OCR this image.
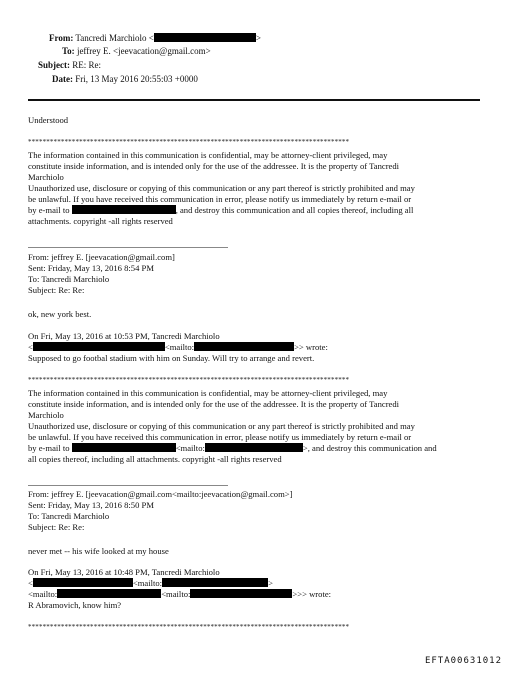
From: Tancredi Marchiolo <	>
To: jeffrey E. <jeevacation@gmail.com>
Subject: RE: Re:
Date: Fri, 13 May 2016 20:55:03 +0000
Understood
****************************************************************************************
The information contained in this communication is confidential, may be attorney-client privileged, may
constitute inside information, and is intended only for the use of the addressee. It is the property of Tancredi
Marchiolo
Unauthorized use, disclosure or copying of this communication or any part thereof is strictly prohibited and may
be unlawful. If you have received this communication in error, please notify us immediately by return e-mail or
by e-mail to	, and destroy this communication and all copies thereof, including all
attachments. copyright -all rights reserved
From: jeffrey E. [jeevacation@gmail.com]
Sent: Friday, May 13, 2016 8:54 PM
To: Tancredi Marchiolo
Subject: Re: Re:
ok, new york best.
On Fri, May 13, 2016 at 10:53 PM, Tancredi Marchiolo
<	<mailto:	>> wrote:
Supposed to go footbal stadium with him on Sunday. Will try to arrange and revert.
****************************************************************************************
The information contained in this communication is confidential, may be attorney-client privileged, may
constitute inside information, and is intended only for the use of the addressee. It is the property of Tancredi
Marchiolo
Unauthorized use, disclosure or copying of this communication or any part thereof is strictly prohibited and may
be unlawful. If you have received this communication in error, please notify us immediately by return e-mail or
by e-mail to	<mailto:	>, and destroy this communication and
all copies thereof, including all attachments. copyright -all rights reserved
From: jeffrey E. [jeevacation@gmail.com<mailto:jeevacation@gmail.com>]
Sent: Friday, May 13, 2016 8:50 PM
To: Tancredi Marchiolo
Subject: Re: Re:
never met -- his wife looked at my house
On Fri, May 13, 2016 at 10:48 PM, Tancredi Marchiolo
<	<mailto:	>
<mailto:	<mailto:	>>> wrote:
R Abramovich, know him?
****************************************************************************************
EFTA00631012
